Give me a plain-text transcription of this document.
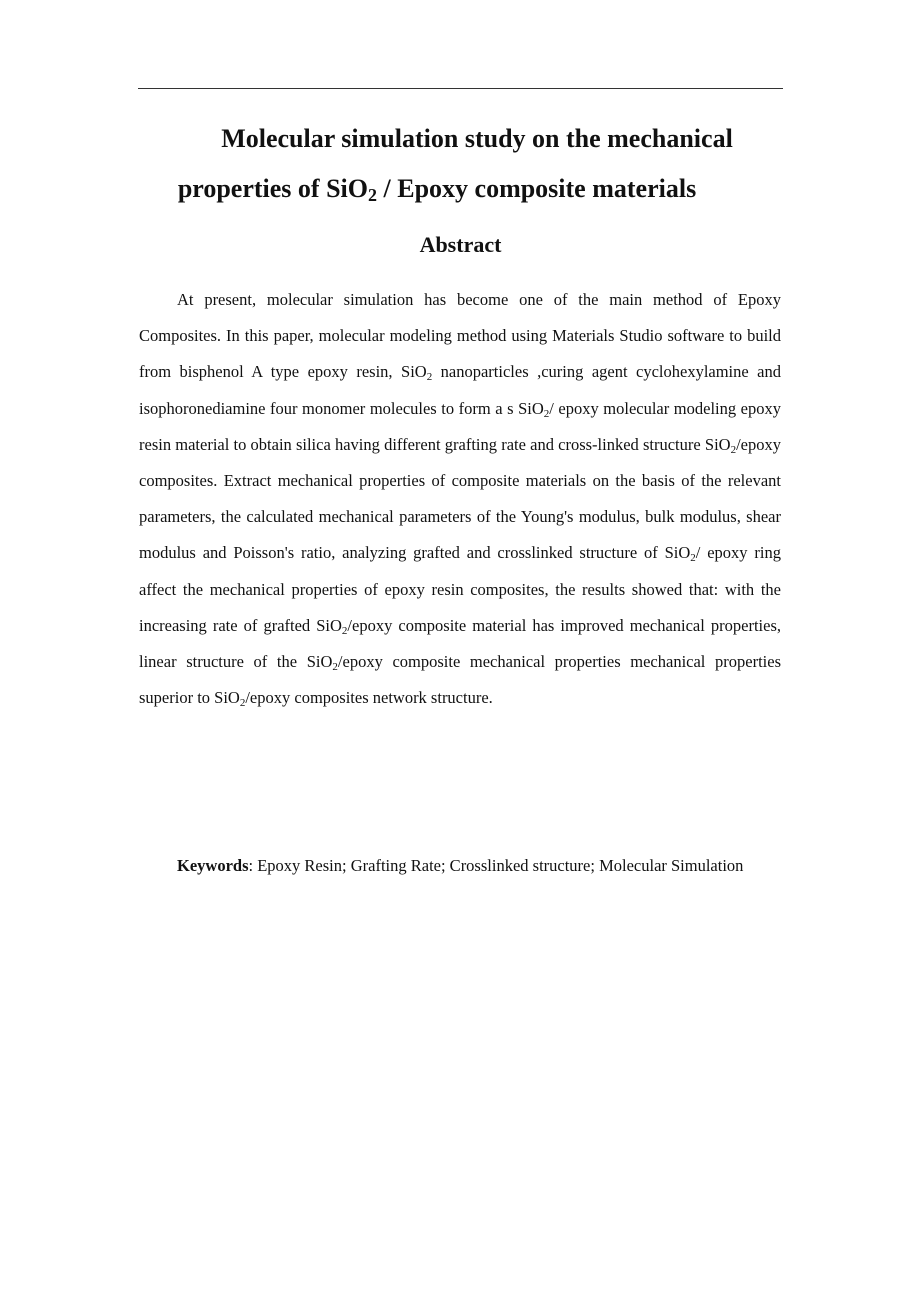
Molecular simulation study on the mechanical
properties of SiO$_2$ / Epoxy composite materials
Abstract

At present, molecular simulation has become one of the main method of Epoxy Composites. In this paper, molecular modeling method using Materials Studio software to build from bisphenol A type epoxy resin, SiO$_2$ nanoparticles ,curing agent cyclohexylamine and isophoronediamine four monomer molecules to form a s SiO$_2$/ epoxy molecular modeling epoxy resin material to obtain silica having different grafting rate and cross-linked structure SiO$_2$/epoxy composites. Extract mechanical properties of composite materials on the basis of the relevant parameters, the calculated mechanical parameters of the Young's modulus, bulk modulus, shear modulus and Poisson's ratio, analyzing grafted and crosslinked structure of SiO$_2$/ epoxy ring affect the mechanical properties of epoxy resin composites, the results showed that: with the increasing rate of grafted SiO$_2$/epoxy composite material has improved mechanical properties, linear structure of the SiO$_2$/epoxy composite mechanical properties mechanical properties superior to SiO$_2$/epoxy composites network structure.

Keywords: Epoxy Resin; Grafting Rate; Crosslinked structure; Molecular Simulation
